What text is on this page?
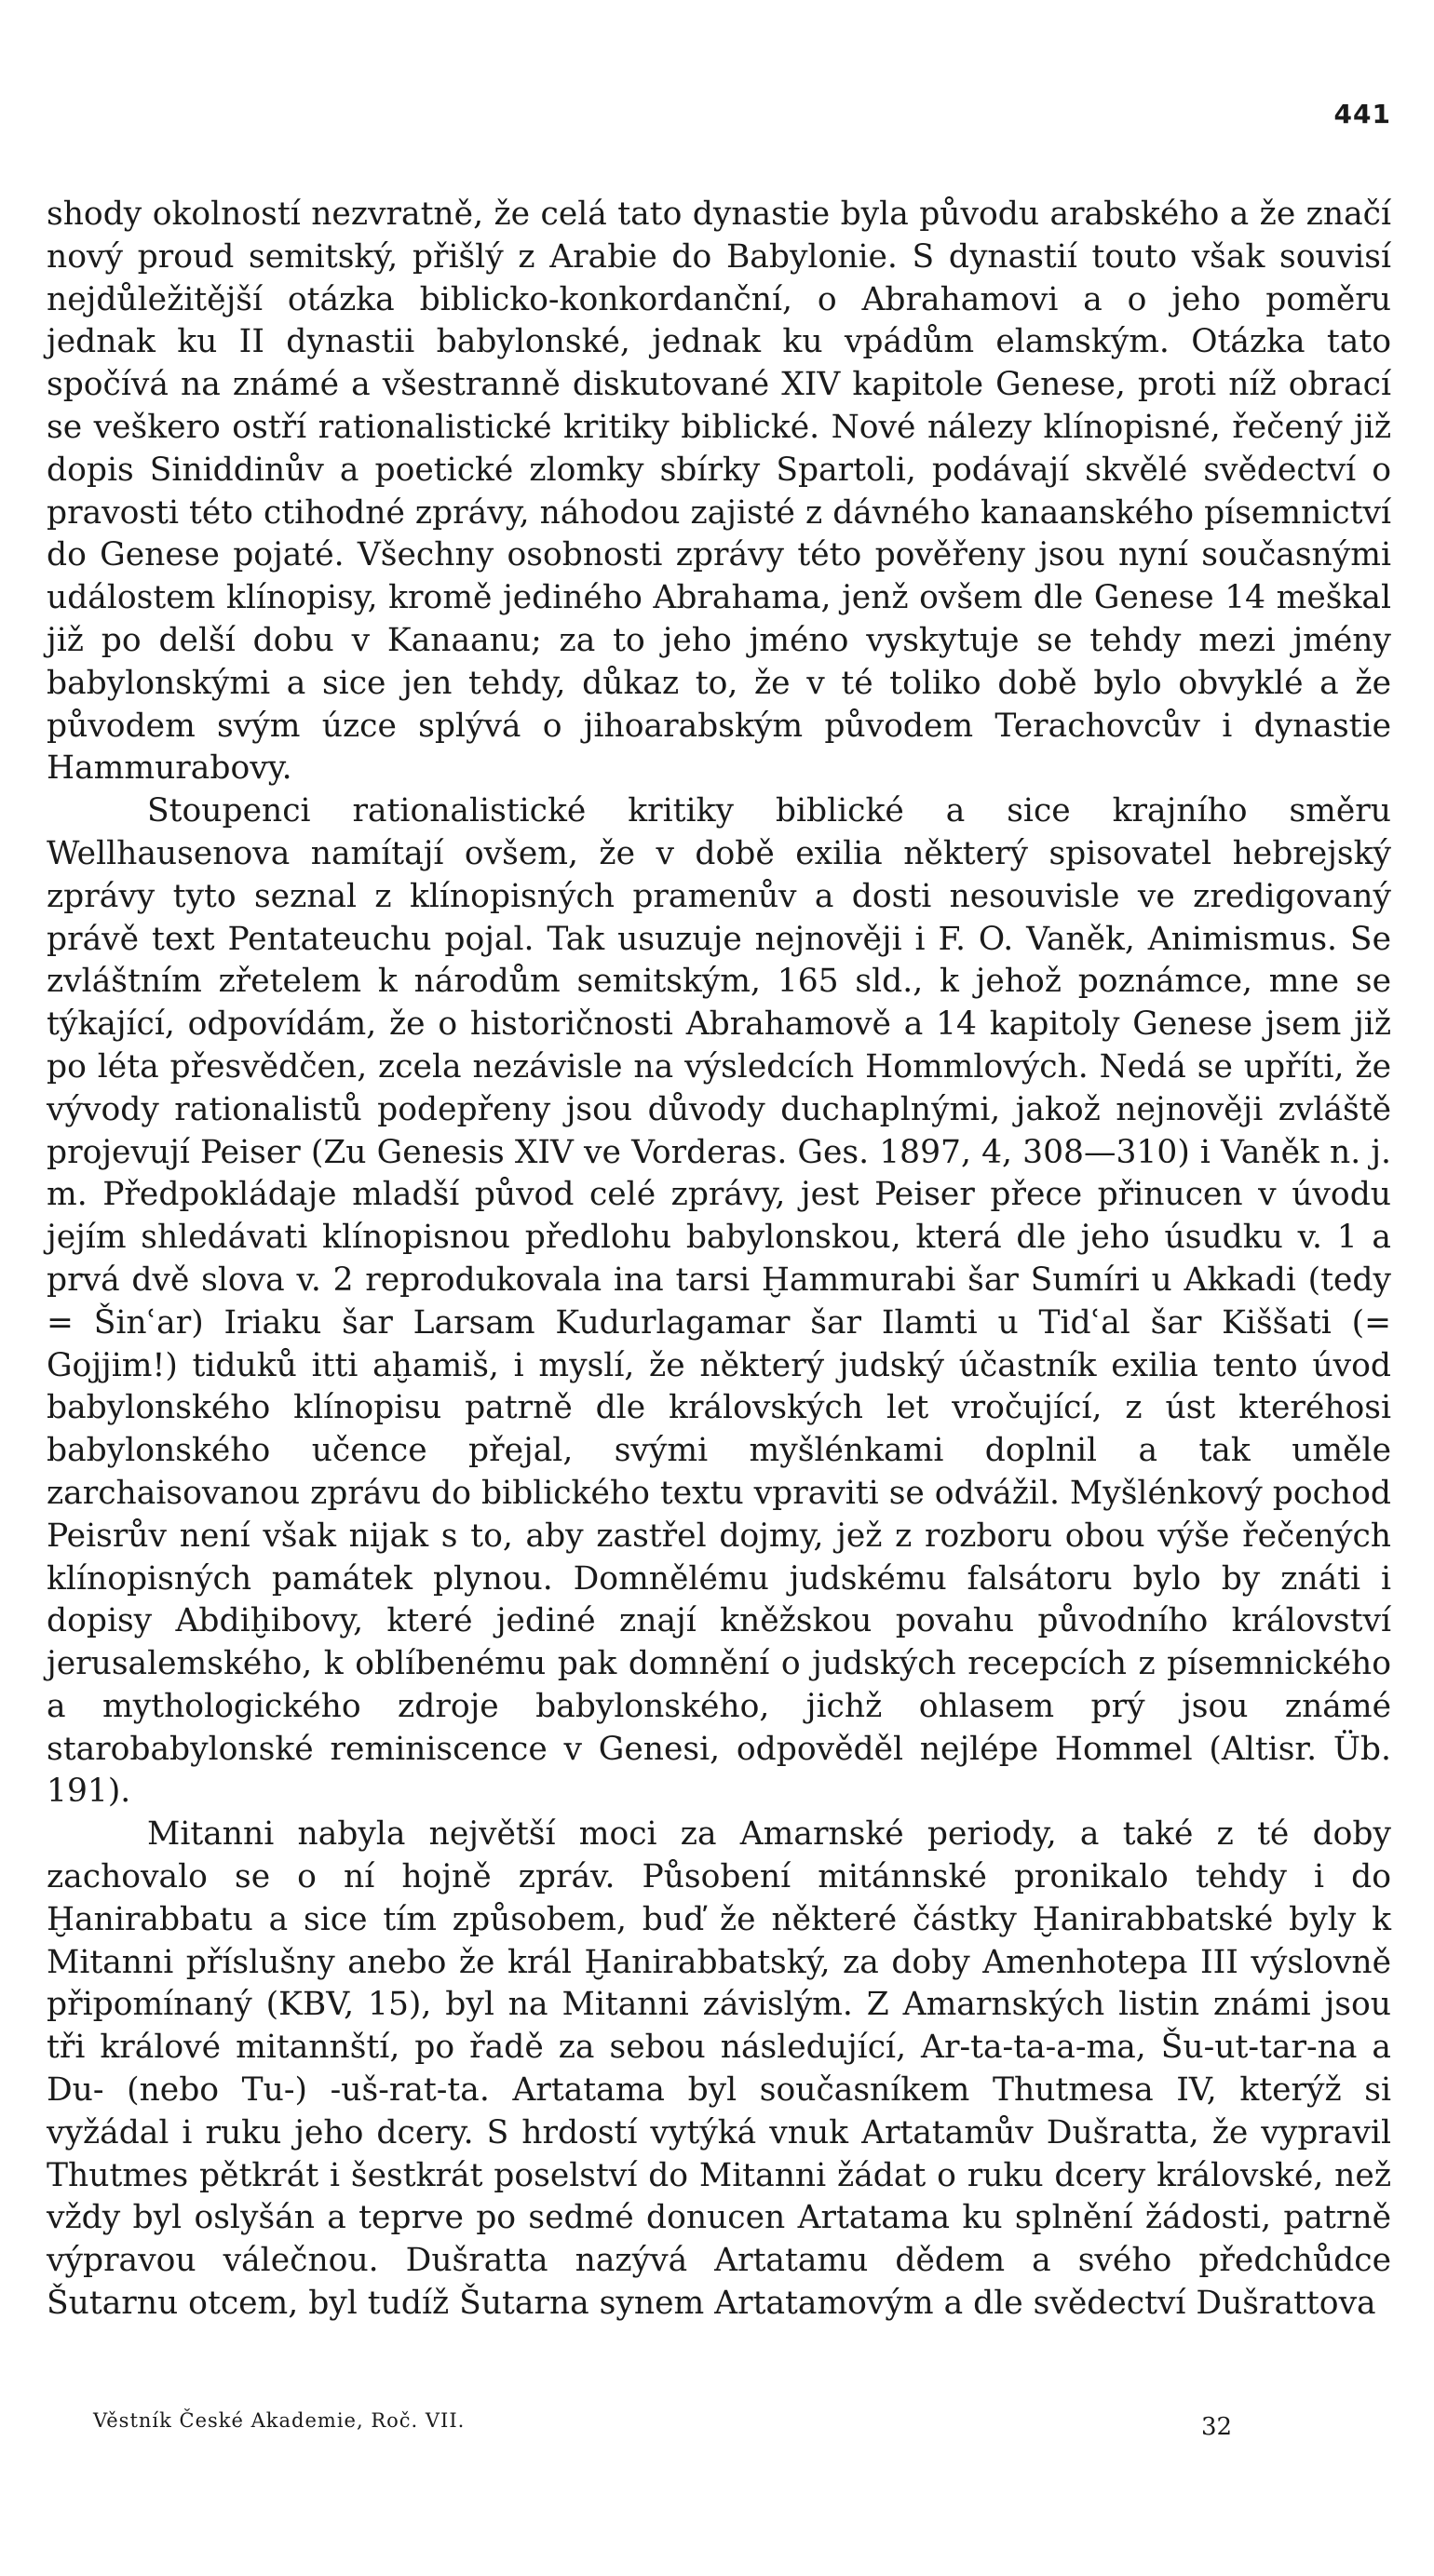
441

shody okolností nezvratně, že celá tato dynastie byla původu arabského a že značí nový proud semitský, přišlý z Arabie do Babylonie. S dynastií touto však souvisí nejdůležitější otázka biblicko-konkordanční, o Abrahamovi a o jeho poměru jednak ku II dynastii babylonské, jednak ku vpádům elamským. Otázka tato spočívá na známé a všestranně diskutované XIV kapitole Genese, proti níž obrací se veškero ostří rationalistické kritiky biblické. Nové nálezy klínopisné, řečený již dopis Siniddinův a poetické zlomky sbírky Spartoli, podávají skvělé svědectví o pravosti této ctihodné zprávy, náhodou zajisté z dávného kanaanského písemnictví do Genese pojaté. Všechny osobnosti zprávy této pověřeny jsou nyní současnými událostem klínopisy, kromě jediného Abrahama, jenž ovšem dle Genese 14 meškal již po delší dobu v Kanaanu; za to jeho jméno vyskytuje se tehdy mezi jmény babylonskými a sice jen tehdy, důkaz to, že v té toliko době bylo obvyklé a že původem svým úzce splývá o jihoarabským původem Terachovcův i dynastie Hammurabovy.

Stoupenci rationalistické kritiky biblické a sice krajního směru Wellhausenova namítají ovšem, že v době exilia některý spisovatel hebrejský zprávy tyto seznal z klínopisných pramenův a dosti nesouvisle ve zredigovaný právě text Pentateuchu pojal. Tak usuzuje nejnověji i F. O. Vaněk, Animismus. Se zvláštním zřetelem k národům semitským, 165 sld., k jehož poznámce, mne se týkající, odpovídám, že o historičnosti Abrahamově a 14 kapitoly Genese jsem již po léta přesvědčen, zcela nezávisle na výsledcích Hommlových. Nedá se upříti, že vývody rationalistů podepřeny jsou důvody duchaplnými, jakož nejnověji zvláště projevují Peiser (Zu Genesis XIV ve Vorderas. Ges. 1897, 4, 308—310) i Vaněk n. j. m. Předpokládaje mladší původ celé zprávy, jest Peiser přece přinucen v úvodu jejím shledávati klínopisnou předlohu babylonskou, která dle jeho úsudku v. 1 a prvá dvě slova v. 2 reprodukovala ina tarsi Ḫammurabi šar Sumíri u Akkadi (tedy = Šinʿar) Iriaku šar Larsam Kudurlagamar šar Ilamti u Tidʿal šar Kiššati (= Gojjim!) tiduků itti aḫamiš, i myslí, že některý judský účastník exilia tento úvod babylonského klínopisu patrně dle královských let vročující, z úst kteréhosi babylonského učence přejal, svými myšlénkami doplnil a tak uměle zarchaisovanou zprávu do biblického textu vpraviti se odvážil. Myšlénkový pochod Peisrův není však nijak s to, aby zastřel dojmy, jež z rozboru obou výše řečených klínopisných památek plynou. Domnělému judskému falsátoru bylo by znáti i dopisy Abdiḫibovy, které jediné znají kněžskou povahu původního království jerusalemského, k oblíbenému pak domnění o judských recepcích z písemnického a mythologického zdroje babylonského, jichž ohlasem prý jsou známé starobabylonské reminiscence v Genesi, odpověděl nejlépe Hommel (Altisr. Üb. 191).

Mitanni nabyla největší moci za Amarnské periody, a také z té doby zachovalo se o ní hojně zpráv. Působení mitánnské pronikalo tehdy i do Ḫanirabbatu a sice tím způsobem, buď že některé částky Ḫanirabbatské byly k Mitanni příslušny anebo že král Ḫanirabbatský, za doby Amenhotepa III výslovně připomínaný (KBV, 15), byl na Mitanni závislým. Z Amarnských listin známi jsou tři králové mitannští, po řadě za sebou následující, Ar-ta-ta-a-ma, Šu-ut-tar-na a Du- (nebo Tu-) -uš-rat-ta. Artatama byl současníkem Thutmesa IV, kterýž si vyžádal i ruku jeho dcery. S hrdostí vytýká vnuk Artatamův Dušratta, že vypravil Thutmes pětkrát i šestkrát poselství do Mitanni žádat o ruku dcery královské, než vždy byl oslyšán a teprve po sedmé donucen Artatama ku splnění žádosti, patrně výpravou válečnou. Dušratta nazývá Artatamu dědem a svého předchůdce Šutarnu otcem, byl tudíž Šutarna synem Artatamovým a dle svědectví Dušrattova

Věstník České Akademie, Roč. VII.	32
